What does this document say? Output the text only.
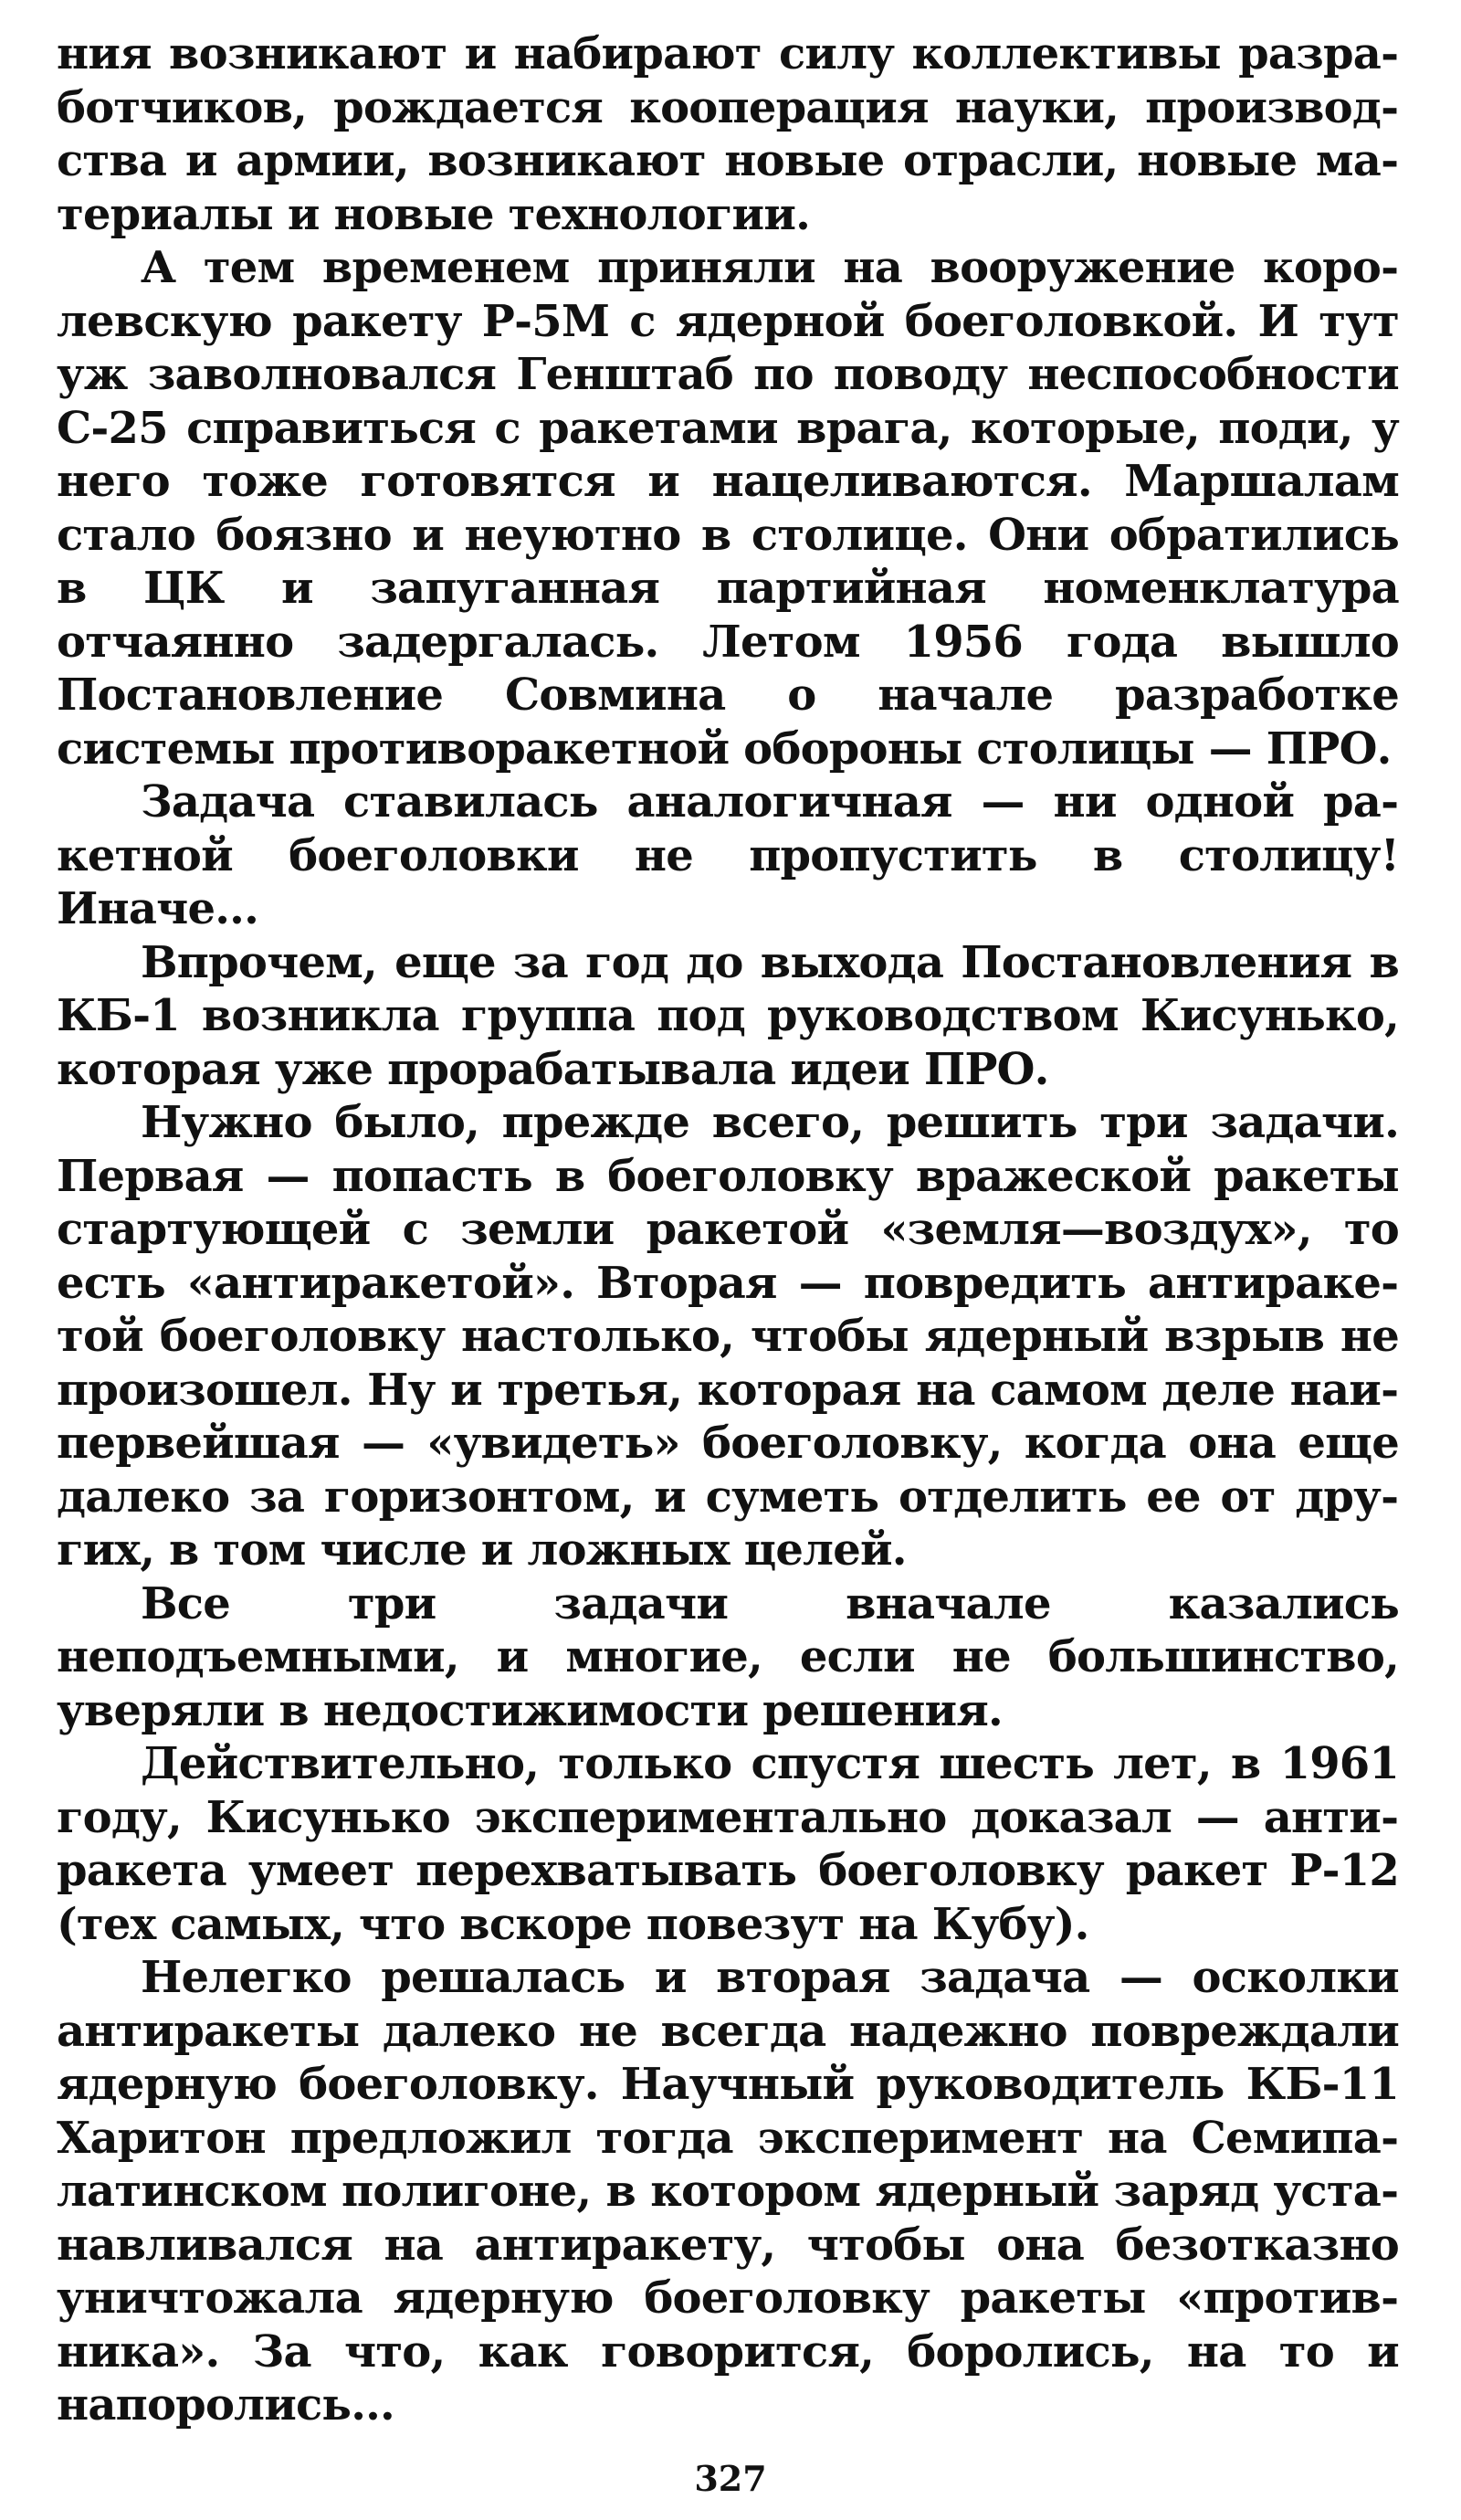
ния возникают и набирают силу коллективы разработчиков, рождается кооперация науки, производства и армии, возникают новые отрасли, новые материалы и новые технологии.

А тем временем приняли на вооружение королевскую ракету Р-5М с ядерной боеголовкой. И тут уж заволновался Генштаб по поводу неспособности С-25 справиться с ракетами врага, которые, поди, у него тоже готовятся и нацеливаются. Маршалам стало боязно и неуютно в столице. Они обратились в ЦК и запуганная партийная номенклатура отчаянно задергалась. Летом 1956 года вышло Постановление Совмина о начале разработке системы противоракетной обороны столицы — ПРО.

Задача ставилась аналогичная — ни одной ракетной боеголовки не пропустить в столицу! Иначе...

Впрочем, еще за год до выхода Постановления в КБ-1 возникла группа под руководством Кисунько, которая уже прорабатывала идеи ПРО.

Нужно было, прежде всего, решить три задачи. Первая — попасть в боеголовку вражеской ракеты стартующей с земли ракетой «земля—воздух», то есть «антиракетой». Вторая — повредить антиракетой боеголовку настолько, чтобы ядерный взрыв не произошел. Ну и третья, которая на самом деле наипервейшая — «увидеть» боеголовку, когда она еще далеко за горизонтом, и суметь отделить ее от других, в том числе и ложных целей.

Все три задачи вначале казались неподъемными, и многие, если не большинство, уверяли в недостижимости решения.

Действительно, только спустя шесть лет, в 1961 году, Кисунько экспериментально доказал — антиракета умеет перехватывать боеголовку ракет Р-12 (тех самых, что вскоре повезут на Кубу).

Нелегко решалась и вторая задача — осколки антиракеты далеко не всегда надежно повреждали ядерную боеголовку. Научный руководитель КБ-11 Харитон предложил тогда эксперимент на Семипалатинском полигоне, в котором ядерный заряд устанавливался на антиракету, чтобы она безотказно уничтожала ядерную боеголовку ракеты «противника». За что, как говорится, боролись, на то и напоролись...

327
